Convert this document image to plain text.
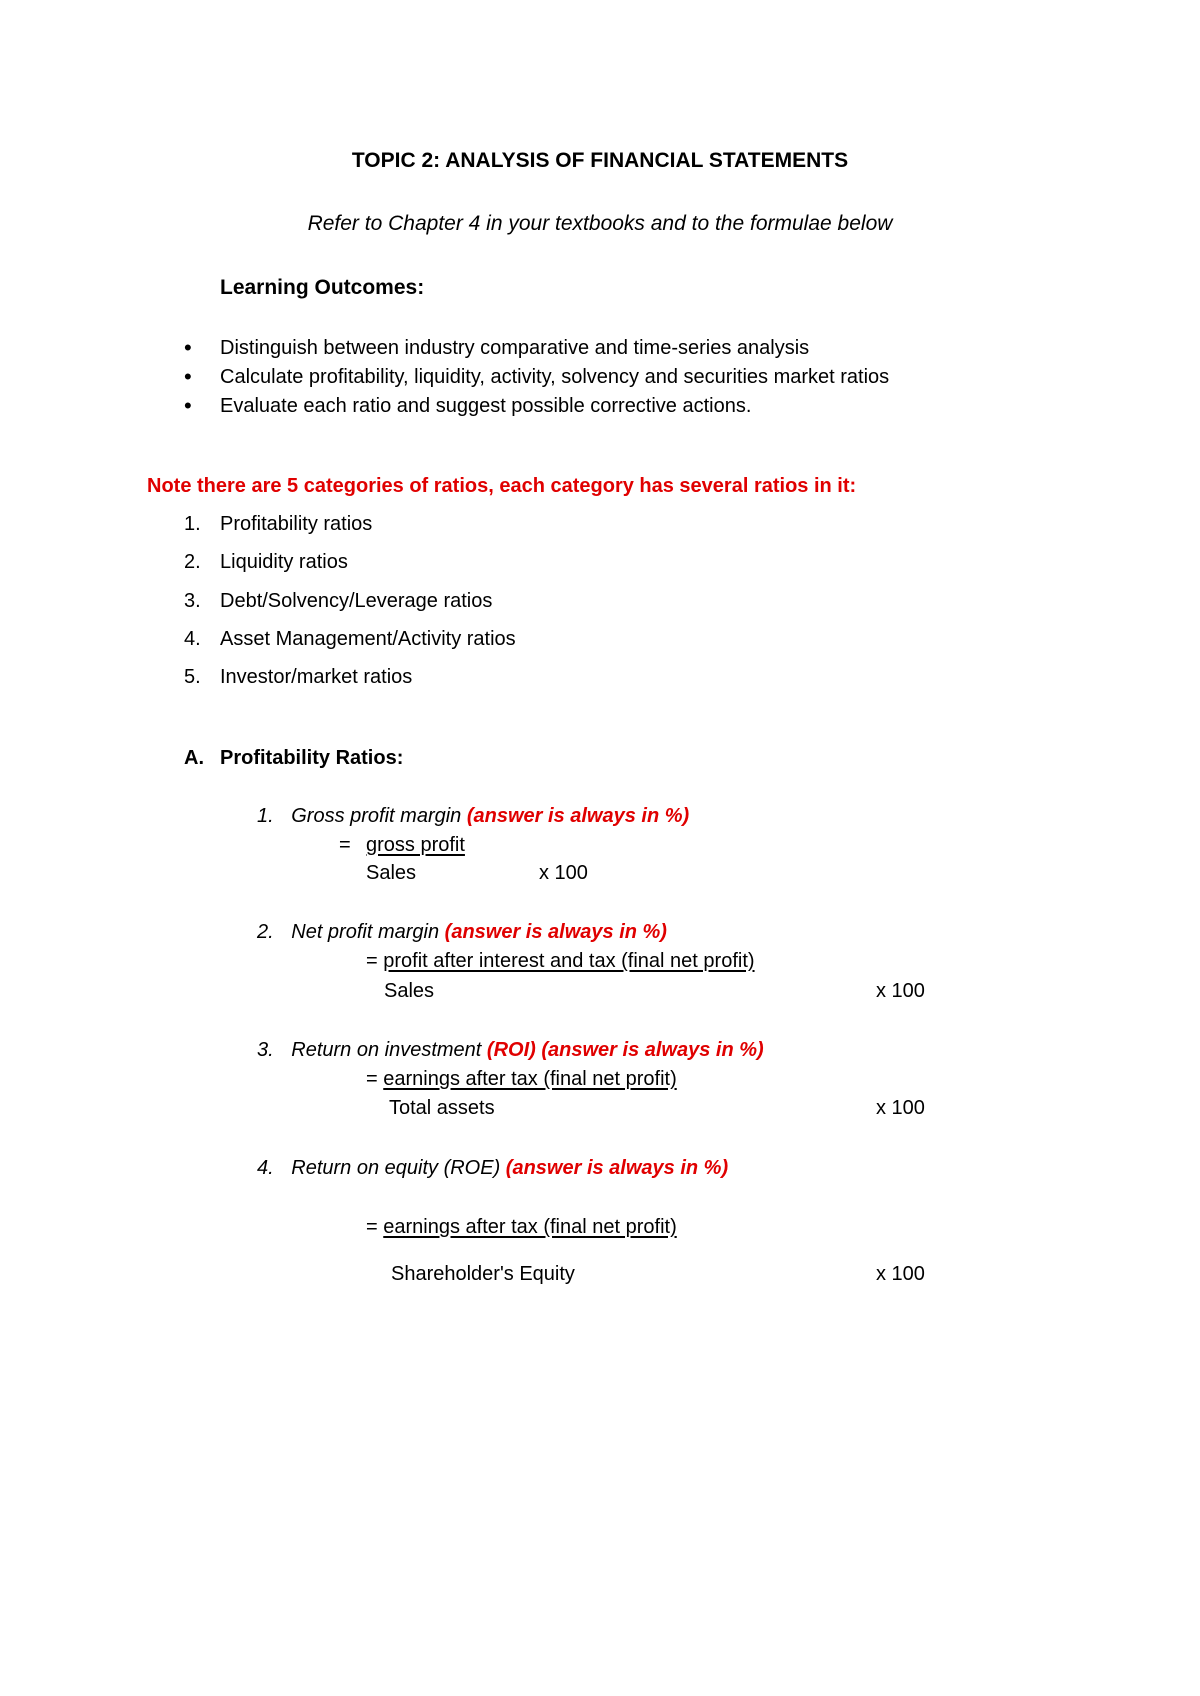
TOPIC 2: ANALYSIS OF FINANCIAL STATEMENTS
Refer to Chapter 4 in your textbooks and to the formulae below
Learning Outcomes:
• Distinguish between industry comparative and time-series analysis
• Calculate profitability, liquidity, activity, solvency and securities market ratios
• Evaluate each ratio and suggest possible corrective actions.
Note there are 5 categories of ratios, each category has several ratios in it:
1. Profitability ratios
2. Liquidity ratios
3. Debt/Solvency/Leverage ratios
4. Asset Management/Activity ratios
5. Investor/market ratios
A. Profitability Ratios:
1. Gross profit margin (answer is always in %)
= gross profit
Sales	x 100
2. Net profit margin (answer is always in %)
= profit after interest and tax (final net profit)
Sales	x 100
3. Return on investment (ROI) (answer is always in %)
= earnings after tax (final net profit)
Total assets	x 100
4. Return on equity (ROE) (answer is always in %)
= earnings after tax (final net profit)
Shareholder's Equity	x 100
